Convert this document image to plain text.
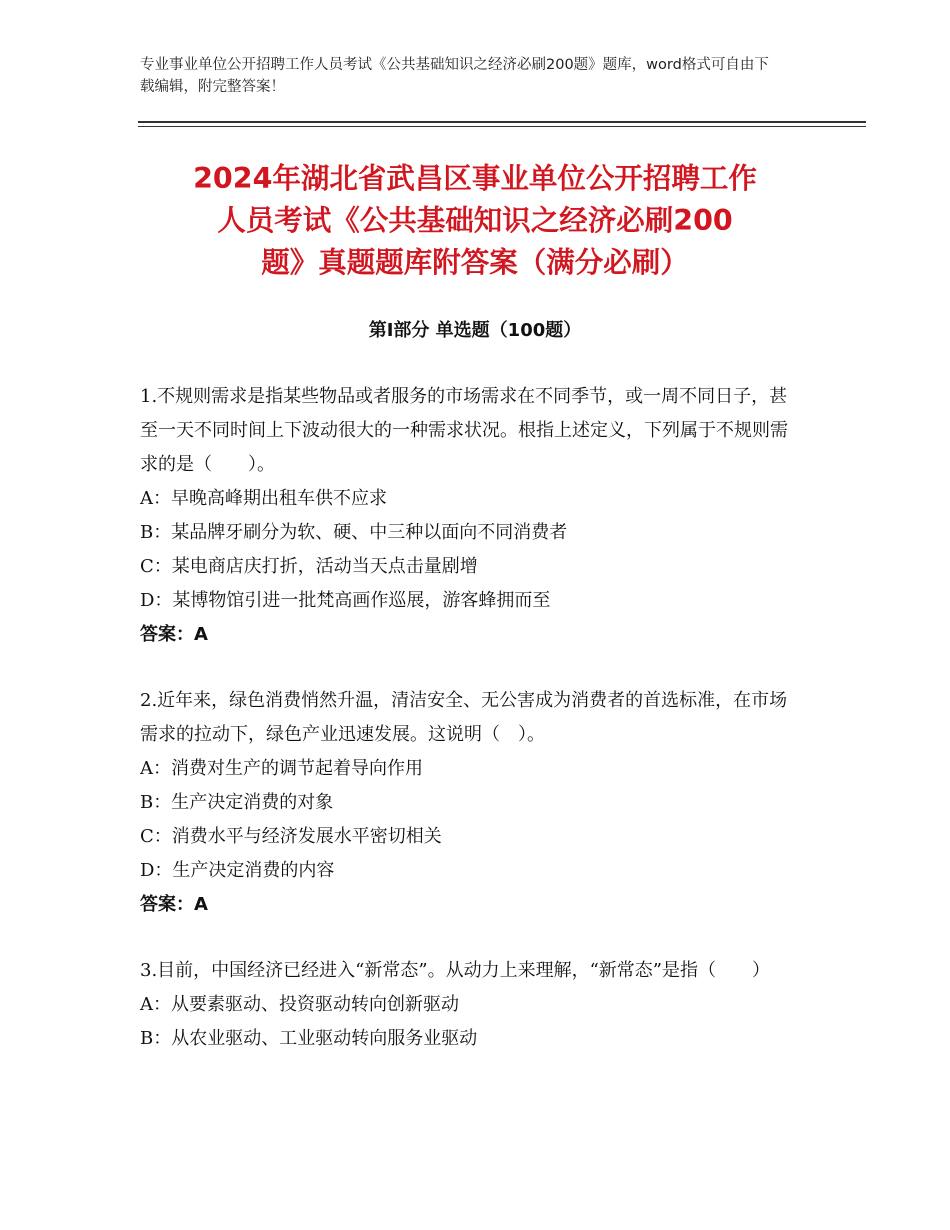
专业事业单位公开招聘工作人员考试《公共基础知识之经济必刷200题》题库，word格式可自由下载编辑，附完整答案！
2024年湖北省武昌区事业单位公开招聘工作
人员考试《公共基础知识之经济必刷200
题》真题题库附答案（满分必刷）
第Ⅰ部分 单选题（100题）
1.不规则需求是指某些物品或者服务的市场需求在不同季节，或一周不同日子，甚至一天不同时间上下波动很大的一种需求状况。根指上述定义，下列属于不规则需求的是（　　）。
A：早晚高峰期出租车供不应求
B：某品牌牙刷分为软、硬、中三种以面向不同消费者
C：某电商店庆打折，活动当天点击量剧增
D：某博物馆引进一批梵高画作巡展，游客蜂拥而至
答案：A
2.近年来，绿色消费悄然升温，清洁安全、无公害成为消费者的首选标准，在市场需求的拉动下，绿色产业迅速发展。这说明（　）。
A：消费对生产的调节起着导向作用
B：生产决定消费的对象
C：消费水平与经济发展水平密切相关
D：生产决定消费的内容
答案：A
3.目前，中国经济已经进入“新常态”。从动力上来理解，“新常态”是指（　　）
A：从要素驱动、投资驱动转向创新驱动
B：从农业驱动、工业驱动转向服务业驱动
